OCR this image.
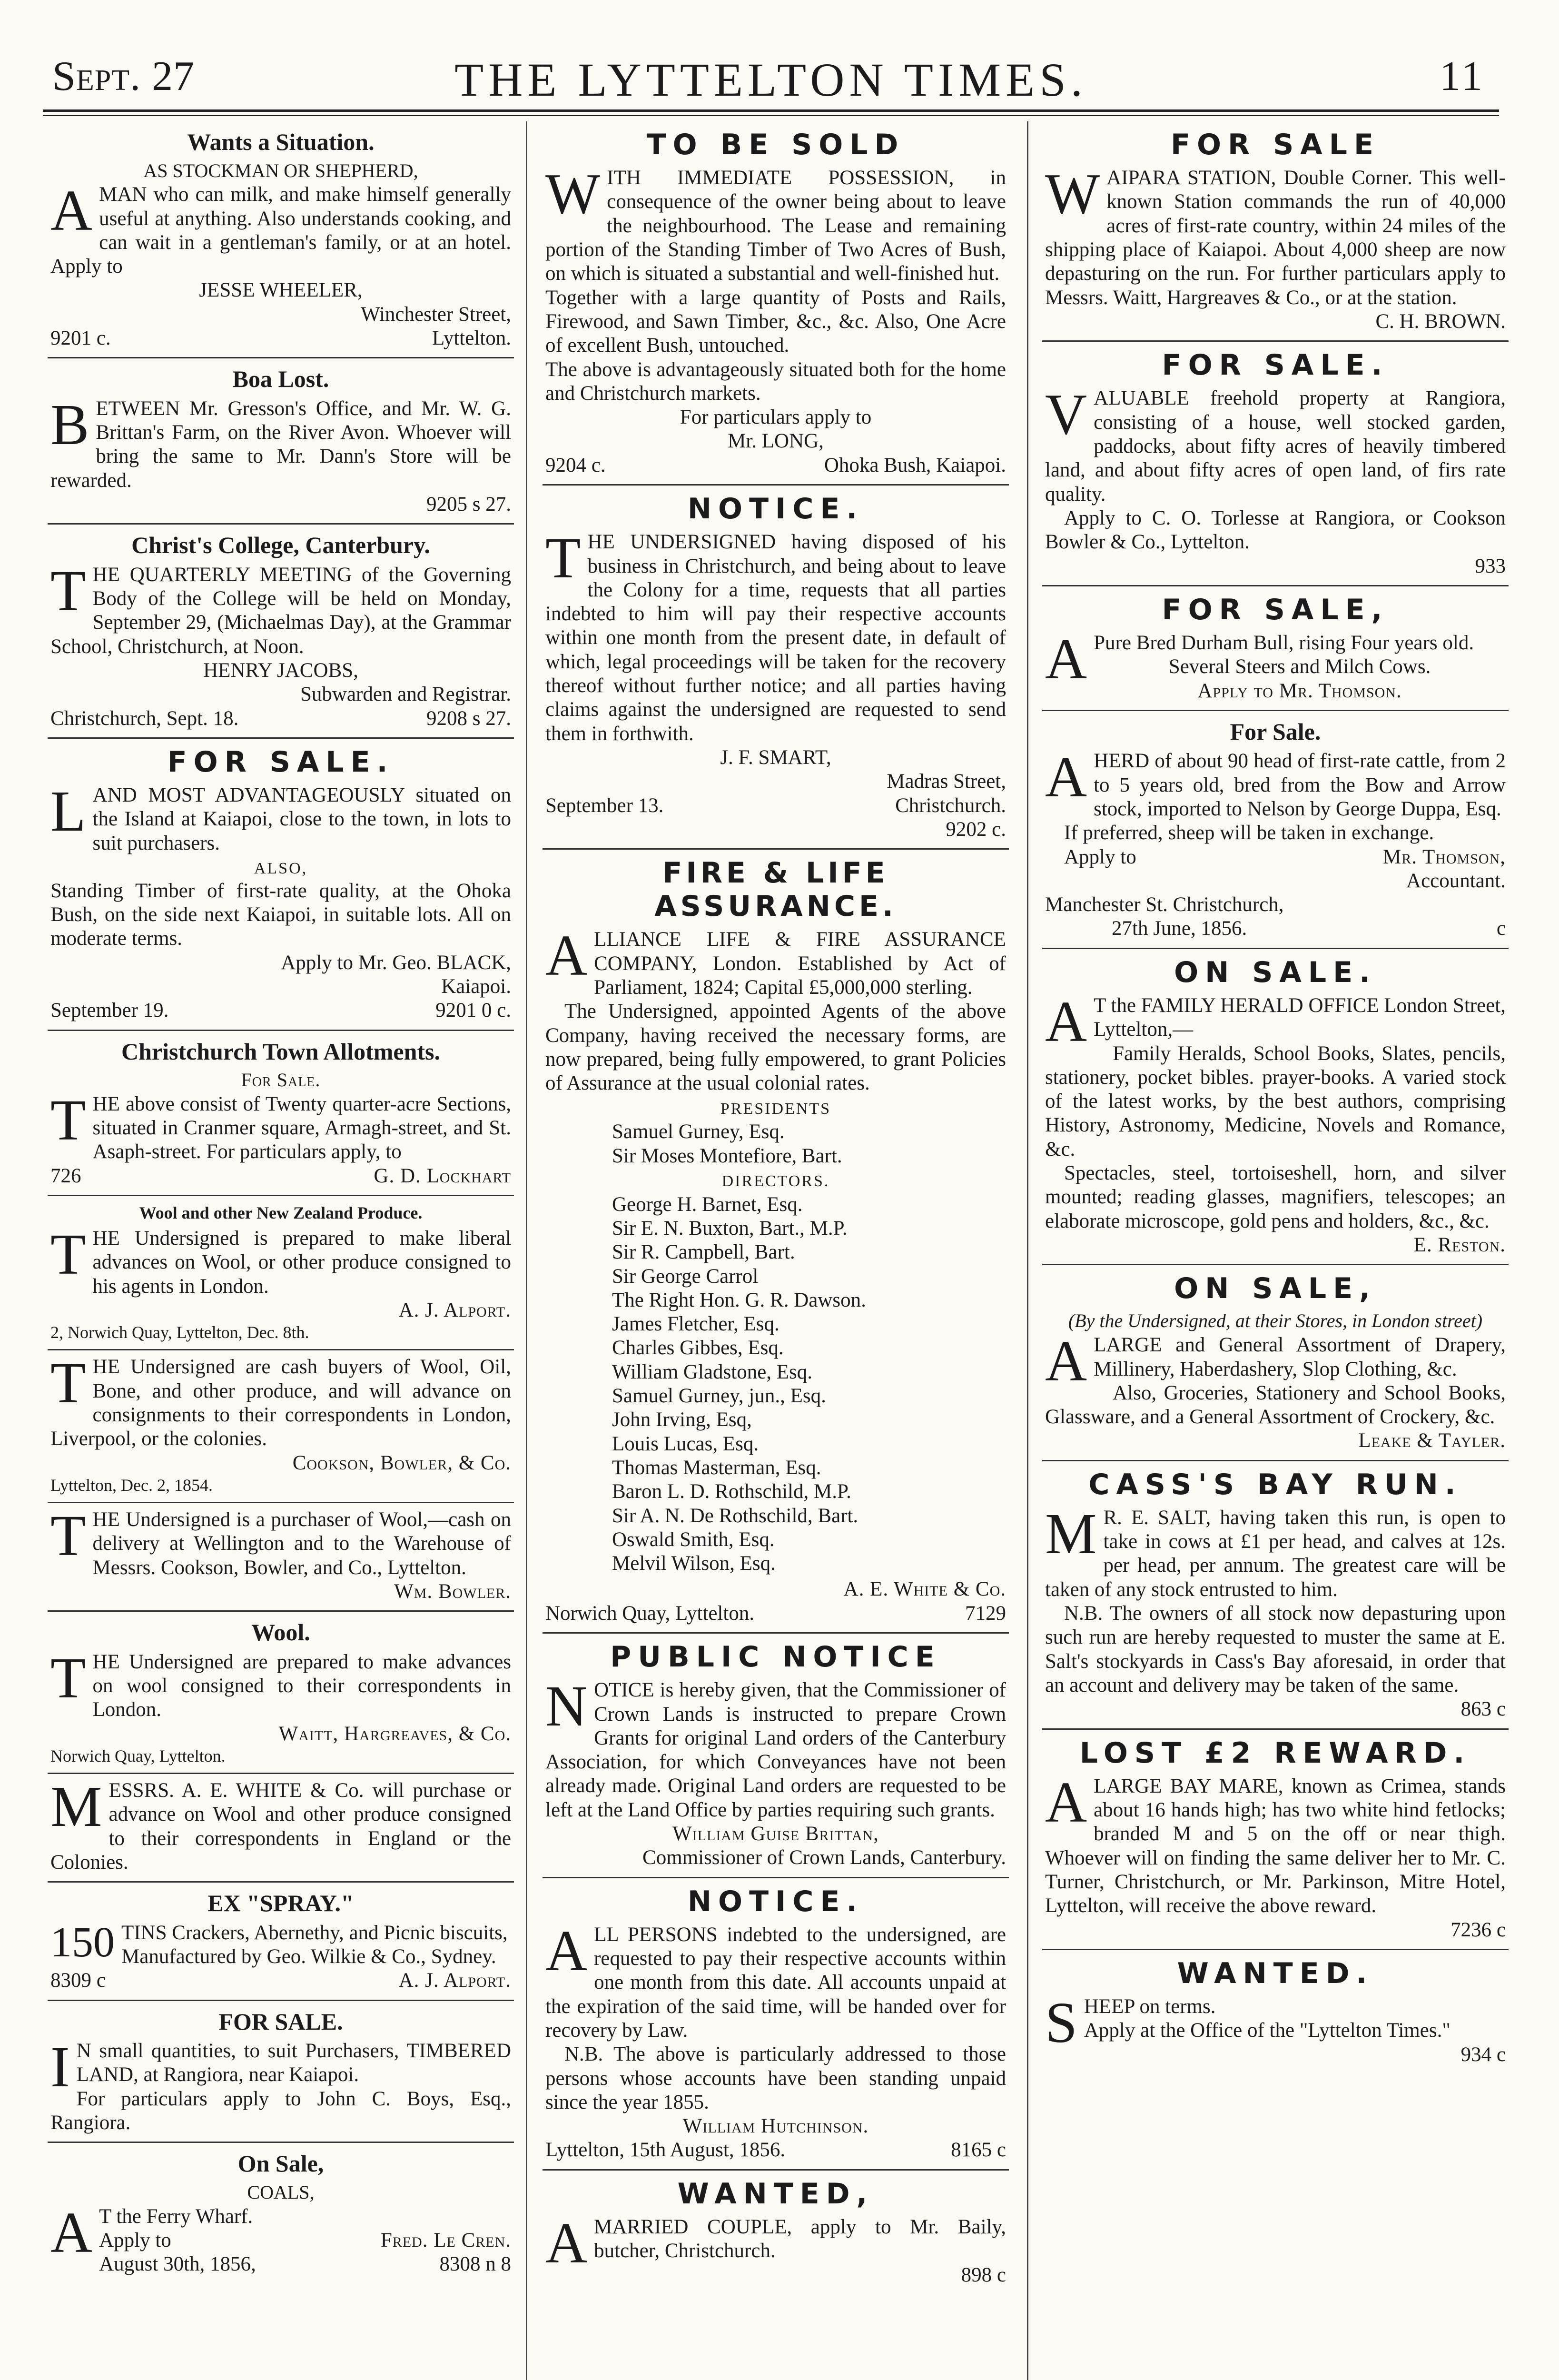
Sept. 27	THE LYTTELTON TIMES.	11
Wants a Situation.
AS STOCKMAN OR SHEPHERD,

A MAN who can milk, and make himself generally useful at anything. Also understands cooking, and can wait in a gentleman's family, or at an hotel. Apply to

JESSE WHEELER,
Winchester Street,
9201 c.	Lyttelton.
Boa Lost.

BETWEEN Mr. Gresson's Office, and Mr. W. G. Brittan's Farm, on the River Avon. Whoever will bring the same to Mr. Dann's Store will be rewarded.

9205 s 27.
Christ's College, Canterbury.

THE QUARTERLY MEETING of the Governing Body of the College will be held on Monday, September 29, (Michaelmas Day), at the Grammar School, Christchurch, at Noon.

HENRY JACOBS,
Subwarden and Registrar.
Christchurch, Sept. 18.	9208 s 27.
FOR SALE.

LAND MOST ADVANTAGEOUSLY situated on the Island at Kaiapoi, close to the town, in lots to suit purchasers.

ALSO,

Standing Timber of first-rate quality, at the Ohoka Bush, on the side next Kaiapoi, in suitable lots. All on moderate terms.

Apply to Mr. Geo. BLACK,
Kaiapoi.
September 19.	9201 0 c.
Christchurch Town Allotments.
For Sale.

THE above consist of Twenty quarter-acre Sections, situated in Cranmer square, Armagh-street, and St. Asaph-street. For particulars apply, to

726	G. D. Lockhart
Wool and other New Zealand Produce.

THE Undersigned is prepared to make liberal advances on Wool, or other produce consigned to his agents in London.

A. J. Alport.
2, Norwich Quay, Lyttelton, Dec. 8th.

THE Undersigned are cash buyers of Wool, Oil, Bone, and other produce, and will advance on consignments to their correspondents in London, Liverpool, or the colonies.

Cookson, Bowler, & Co.
Lyttelton, Dec. 2, 1854.

THE Undersigned is a purchaser of Wool,—cash on delivery at Wellington and to the Warehouse of Messrs. Cookson, Bowler, and Co., Lyttelton.

Wm. Bowler.
Wool.

THE Undersigned are prepared to make advances on wool consigned to their correspondents in London.

Waitt, Hargreaves, & Co.
Norwich Quay, Lyttelton.

MESSRS. A. E. WHITE & Co. will purchase or advance on Wool and other produce consigned to their correspondents in England or the Colonies.

EX "SPRAY."

150 TINS Crackers, Abernethy, and Picnic biscuits,

Manufactured by Geo. Wilkie & Co., Sydney.

8309 c	A. J. Alport.
FOR SALE.

I N small quantities, to suit Purchasers, TIMBERED LAND, at Rangiora, near Kaiapoi.

For particulars apply to John C. Boys, Esq., Rangiora.

On Sale,
COALS,

A T the Ferry Wharf.

Apply to	Fred. Le Cren.
August 30th, 1856,	8308 n 8
TO BE SOLD

WITH IMMEDIATE POSSESSION, in consequence of the owner being about to leave the neighbourhood. The Lease and remaining portion of the Standing Timber of Two Acres of Bush, on which is situated a substantial and well-finished hut.

Together with a large quantity of Posts and Rails, Firewood, and Sawn Timber, &c., &c. Also, One Acre of excellent Bush, untouched.

The above is advantageously situated both for the home and Christchurch markets.

For particulars apply to
Mr. LONG,
9204 c.	Ohoka Bush, Kaiapoi.
NOTICE.

THE UNDERSIGNED having disposed of his business in Christchurch, and being about to leave the Colony for a time, requests that all parties indebted to him will pay their respective accounts within one month from the present date, in default of which, legal proceedings will be taken for the recovery thereof without further notice; and all parties having claims against the undersigned are requested to send them in forthwith.

J. F. SMART,
Madras Street,
September 13.	Christchurch.
9202 c.
FIRE & LIFE ASSURANCE.

ALLIANCE LIFE & FIRE ASSURANCE COMPANY, London. Established by Act of Parliament, 1824; Capital £5,000,000 sterling.

The Undersigned, appointed Agents of the above Company, having received the necessary forms, are now prepared, being fully empowered, to grant Policies of Assurance at the usual colonial rates.

PRESIDENTS
Samuel Gurney, Esq.
Sir Moses Montefiore, Bart.
DIRECTORS.
George H. Barnet, Esq.
Sir E. N. Buxton, Bart., M.P.
Sir R. Campbell, Bart.
Sir George Carrol
The Right Hon. G. R. Dawson.
James Fletcher, Esq.
Charles Gibbes, Esq.
William Gladstone, Esq.
Samuel Gurney, jun., Esq.
John Irving, Esq,
Louis Lucas, Esq.
Thomas Masterman, Esq.
Baron L. D. Rothschild, M.P.
Sir A. N. De Rothschild, Bart.
Oswald Smith, Esq.
Melvil Wilson, Esq.
A. E. White & Co.
Norwich Quay, Lyttelton.	7129
PUBLIC NOTICE

NOTICE is hereby given, that the Commissioner of Crown Lands is instructed to prepare Crown Grants for original Land orders of the Canterbury Association, for which Conveyances have not been already made. Original Land orders are requested to be left at the Land Office by parties requiring such grants.

William Guise Brittan,
Commissioner of Crown Lands, Canterbury.
NOTICE.

ALL PERSONS indebted to the undersigned, are requested to pay their respective accounts within one month from this date. All accounts unpaid at the expiration of the said time, will be handed over for recovery by Law.

N.B. The above is particularly addressed to those persons whose accounts have been standing unpaid since the year 1855.

William Hutchinson.
Lyttelton, 15th August, 1856.	8165 c
WANTED,

A MARRIED COUPLE, apply to Mr. Baily, butcher, Christchurch.

898 c
FOR SALE

WAIPARA STATION, Double Corner. This well-known Station commands the run of 40,000 acres of first-rate country, within 24 miles of the shipping place of Kaiapoi. About 4,000 sheep are now depasturing on the run. For further particulars apply to Messrs. Waitt, Hargreaves & Co., or at the station.

C. H. BROWN.
FOR SALE.

VALUABLE freehold property at Rangiora, consisting of a house, well stocked garden, paddocks, about fifty acres of heavily timbered land, and about fifty acres of open land, of firs rate quality.

Apply to C. O. Torlesse at Rangiora, or Cookson Bowler & Co., Lyttelton.

933
FOR SALE,

A Pure Bred Durham Bull, rising Four years old.

Several Steers and Milch Cows.
Apply to Mr. Thomson.
For Sale.

A HERD of about 90 head of first-rate cattle, from 2 to 5 years old, bred from the Bow and Arrow stock, imported to Nelson by George Duppa, Esq.

If preferred, sheep will be taken in exchange.

Apply to	Mr. Thomson,
Accountant.
Manchester St. Christchurch,
27th June, 1856.	c
ON SALE.

A T the FAMILY HERALD OFFICE London Street, Lyttelton,—

Family Heralds, School Books, Slates, pencils, stationery, pocket bibles. prayer-books. A varied stock of the latest works, by the best authors, comprising History, Astronomy, Medicine, Novels and Romance, &c.

Spectacles, steel, tortoiseshell, horn, and silver mounted; reading glasses, magnifiers, telescopes; an elaborate microscope, gold pens and holders, &c., &c.

E. Reston.
ON SALE,
(By the Undersigned, at their Stores, in London street)

A LARGE and General Assortment of Drapery, Millinery, Haberdashery, Slop Clothing, &c.

Also, Groceries, Stationery and School Books, Glassware, and a General Assortment of Crockery, &c.

Leake & Tayler.
CASS'S BAY RUN.

M R. E. SALT, having taken this run, is open to take in cows at £1 per head, and calves at 12s. per head, per annum. The greatest care will be taken of any stock entrusted to him.

N.B. The owners of all stock now depasturing upon such run are hereby requested to muster the same at E. Salt's stockyards in Cass's Bay aforesaid, in order that an account and delivery may be taken of the same.

863 c
LOST £2 REWARD.

A LARGE BAY MARE, known as Crimea, stands about 16 hands high; has two white hind fetlocks; branded M and 5 on the off or near thigh. Whoever will on finding the same deliver her to Mr. C. Turner, Christchurch, or Mr. Parkinson, Mitre Hotel, Lyttelton, will receive the above reward.

7236 c
WANTED.

SHEEP on terms.

Apply at the Office of the "Lyttelton Times."

934 c
